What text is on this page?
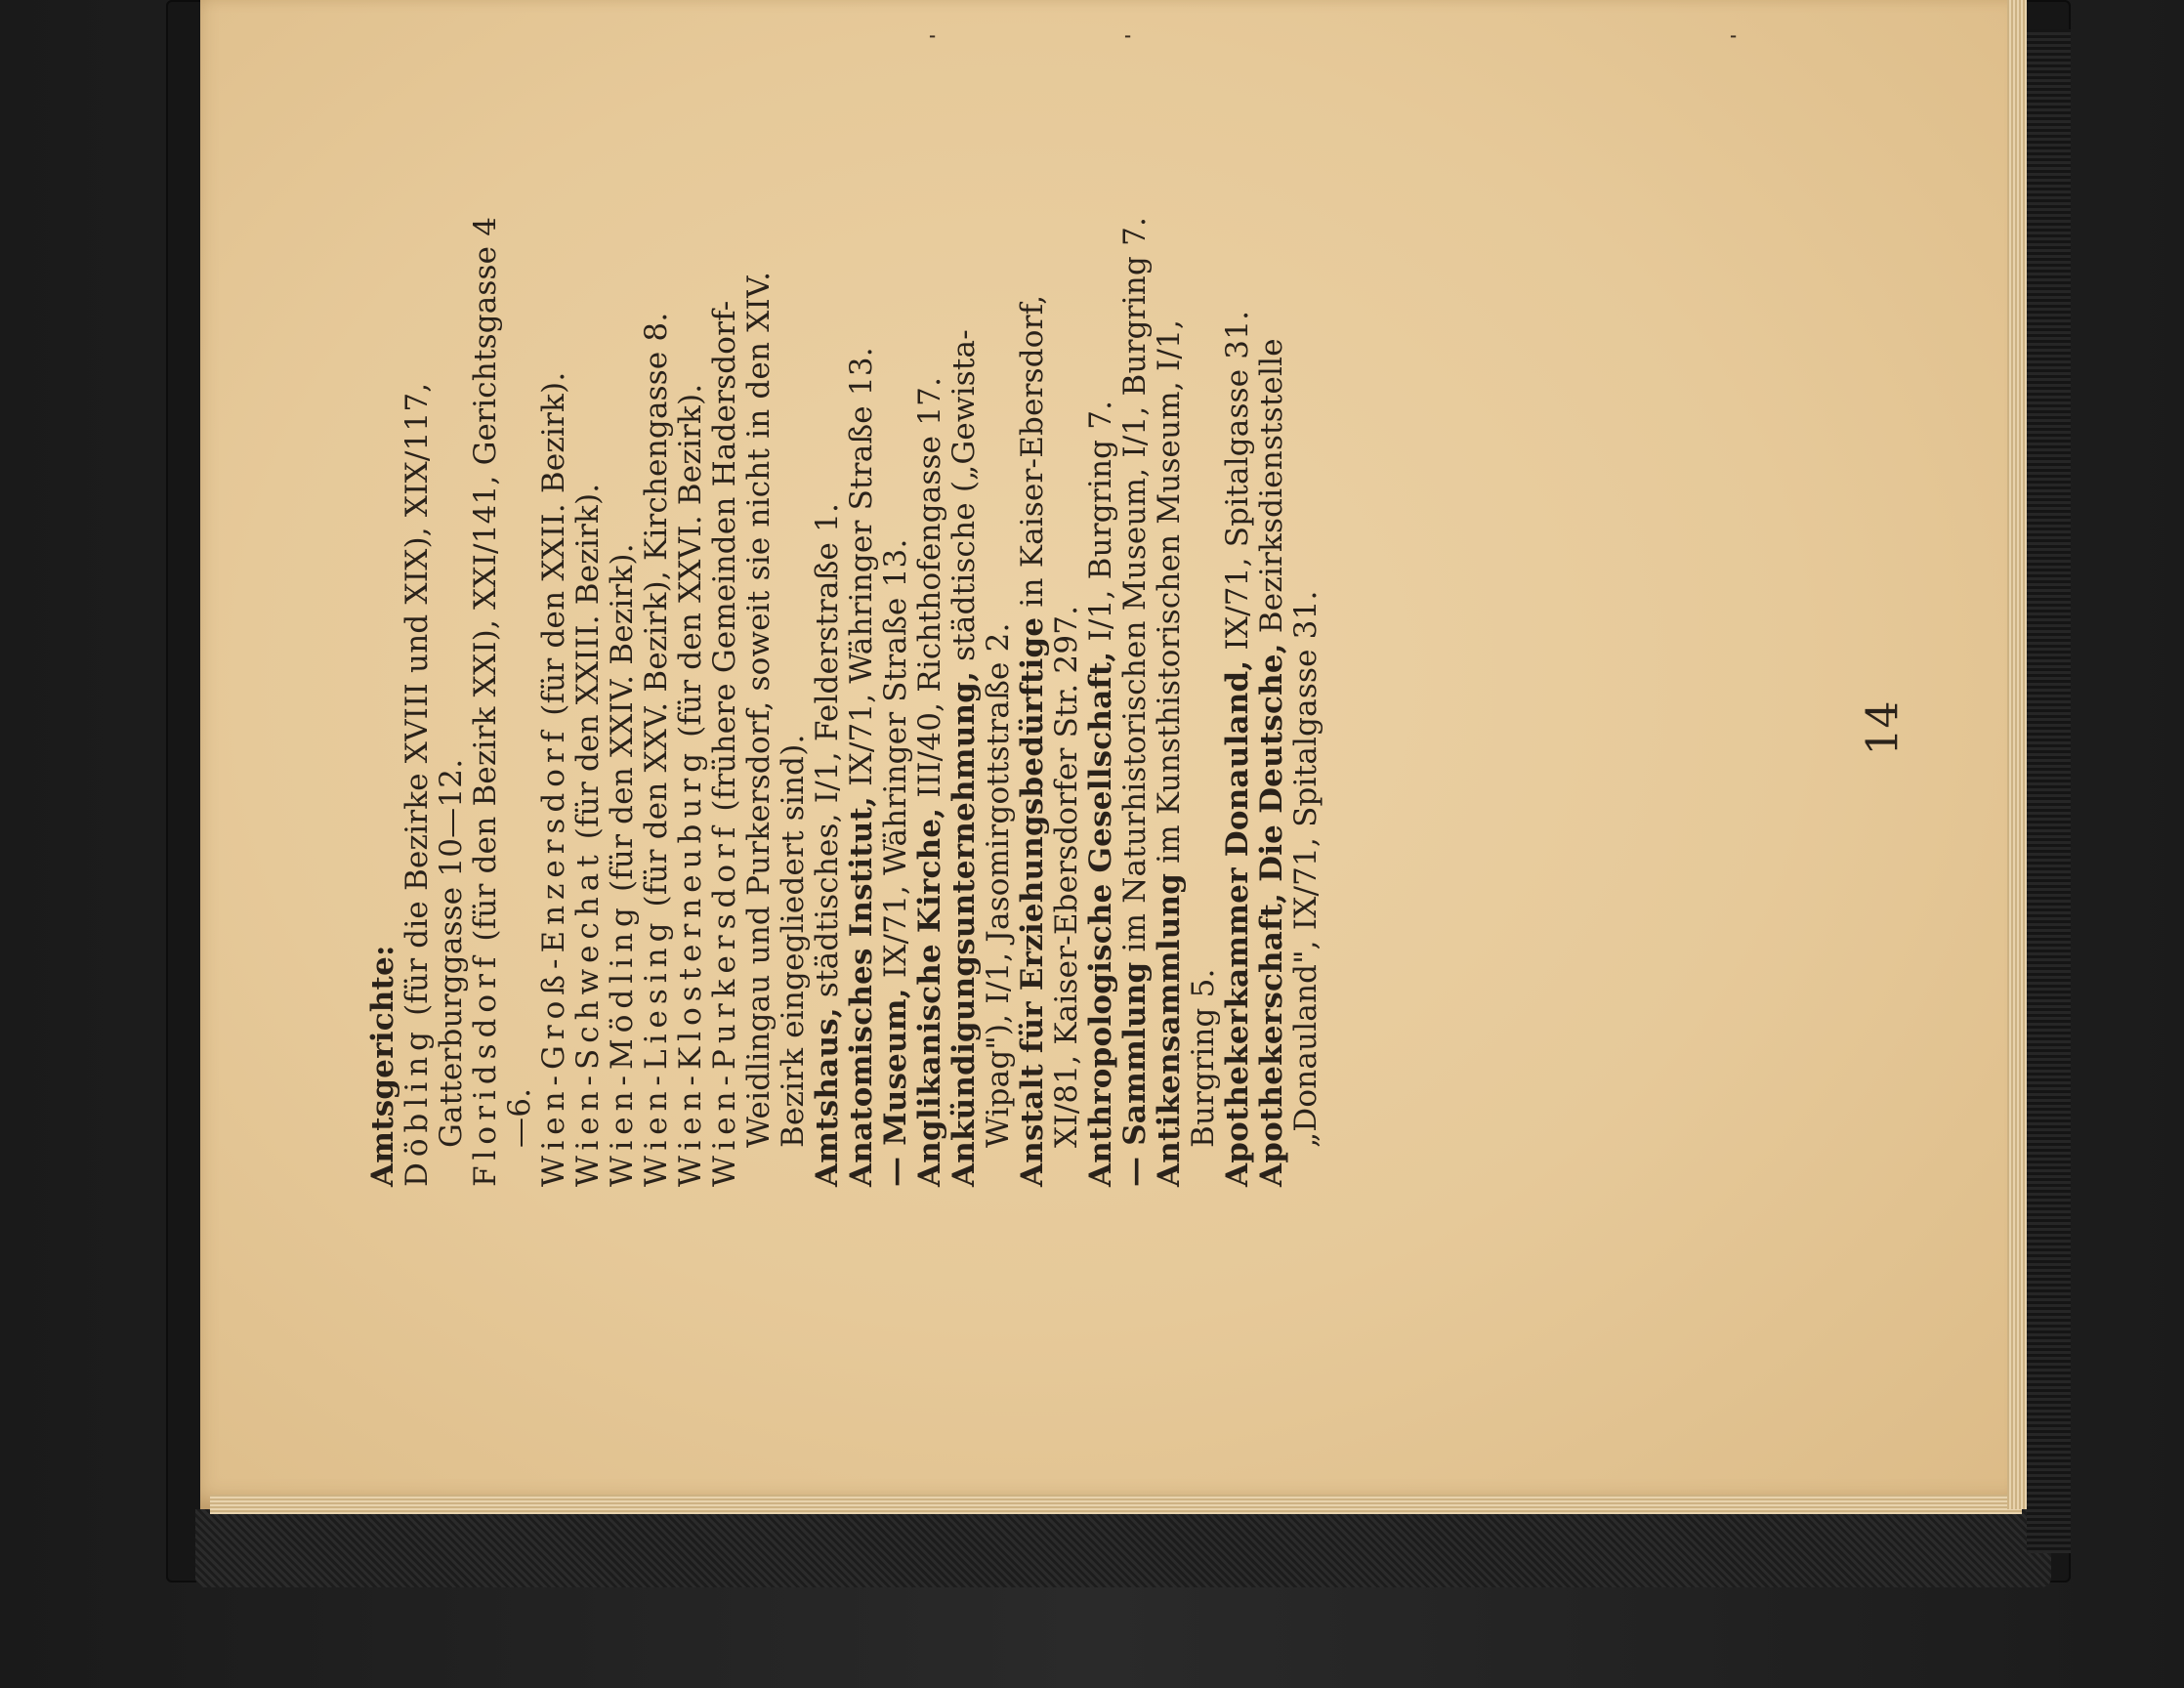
Amtsgerichte: Döbling (für die Bezirke XVIII und XIX), XIX/117, Gatterburggasse 10—12. Floridsdorf (für den Bezirk XXI), XXI/141, Gerichtsgasse 4—6. Wien-Groß-Enzersdorf (für den XXII. Bezirk).
Wien-Schwechat (für den XXIII. Bezirk).
Wien-Mödling (für den XXIV. Bezirk).
Wien-Liesing (für den XXV. Bezirk), Kirchengasse 8.
Wien-Klosterneuburg (für den XXVI. Bezirk).
Wien-Purkersdorf (frühere Gemeinden Hadersdorf-Weidlingau und Purkersdorf, soweit sie nicht in den XIV. Bezirk eingegliedert sind). Amtshaus, städtisches, I/1, Felderstraße 1. Anatomisches Institut, IX/71, Währinger Straße 13.
— Museum, IX/71, Währinger Straße 13.
Anglikanische Kirche, III/40, Richthofengasse 17.
Ankündigungsunternehmung, städtische („Gewista-Wipag"), I/1, Jasomirgottstraße 2. Anstalt für Erziehungsbedürftige in Kaiser-Ebersdorf, XI/81, Kaiser-Ebersdorfer Str. 297. Anthropologische Gesellschaft, I/1, Burgring 7.
— Sammlung im Naturhistorischen Museum, I/1, Burgring 7.
Antikensammlung im Kunsthistorischen Museum, I/1, Burgring 5. Apothekerkammer Donauland, IX/71, Spitalgasse 31.
Apothekerschaft, Die Deutsche, Bezirksdienststelle „Donauland", IX/71, Spitalgasse 31.	14
⁃	⁃	⁃
